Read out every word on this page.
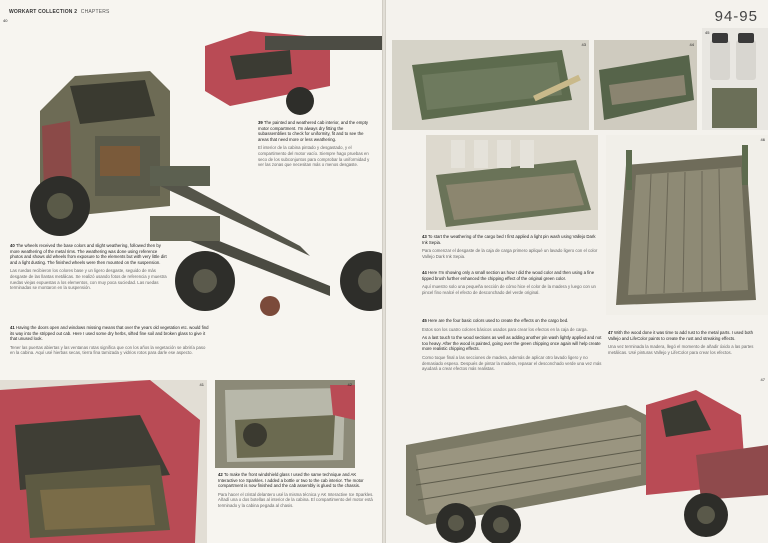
WORKART COLLECTION 2 CHAPTERS
40
39 The painted and weathered cab interior, and the empty motor compartment. I'm always dry fitting the subassemblies to check for uniformity, fit and to see the areas that need more or less weathering.
El interior de la cabina pintado y desgastado, y el compartimento del motor vacío. Siempre hago pruebas en seco de los subconjuntos para comprobar la uniformidad y ver las zonas que necesitan más o menos desgaste.
40 The wheels received the base colors and slight weathering, followed then by more weathering of the metal rims. The weathering was done using reference photos and shows old wheels from exposure to the elements but with very little dirt and a light dusting. The finished wheels were then mounted on the suspension.
Las ruedas recibieron los colores base y un ligero desgaste, seguido de más desgaste de las llantas metálicas. Se realizó usando fotos de referencia y muestra ruedas viejas expuestas a los elementos, con muy poca suciedad. Las ruedas terminadas se montaron en la suspensión.
41 Having the doors open and windows missing means that over the years old vegetation etc. would find its way into the stripped out cab. Here I used some dry herbs, sifted fine soil and broken glass to give it that unused look.
Tener las puertas abiertas y las ventanas rotas significa que con los años la vegetación se abriría paso en la cabina. Aquí usé hierbas secas, tierra fina tamizada y vidrios rotos para darle ese aspecto.
41	42
42 To make the front windshield glass I used the same technique and AK Interactive Ice Sparkles. I added a bottle or two to the cab interior. The motor compartment is now finished and the cab assembly is glued to the chassis.
Para hacer el cristal delantero usé la misma técnica y AK Interactive Ice Sparkles. Añadí una o dos botellas al interior de la cabina. El compartimento del motor está terminado y la cabina pegada al chasis.
94-95
43	44
45
46
43 To start the weathering of the cargo bed I first applied a light pin wash using Vallejo Dark Ink Sepia.
Para comenzar el desgaste de la caja de carga primero apliqué un lavado ligero con el color Vallejo Dark Ink Sepia.
44 Here I'm showing only a small section as how I did the wood color and then using a fine tipped brush further enhanced the chipping effect of the original green color.
Aquí muestro solo una pequeña sección de cómo hice el color de la madera y luego con un pincel fino realcé el efecto de desconchado del verde original.
45 Here are the four basic colors used to create the effects on the cargo bed.
Estos son los cuatro colores básicos usados para crear los efectos en la caja de carga.
As a last touch to the wood sections as well as adding another pin wash lightly applied and not too heavy. After the wood is painted, going over the green chipping once again will help create more realistic chipping effects.
Como toque final a las secciones de madera, además de aplicar otro lavado ligero y no demasiado espeso. Después de pintar la madera, repasar el desconchado verde una vez más ayudará a crear efectos más realistas.
47 With the wood done it was time to add rust to the metal parts. I used both Vallejo and LifeColor paints to create the rust and streaking effects.
Una vez terminada la madera, llegó el momento de añadir óxido a las partes metálicas. Usé pinturas Vallejo y LifeColor para crear los efectos.
47
